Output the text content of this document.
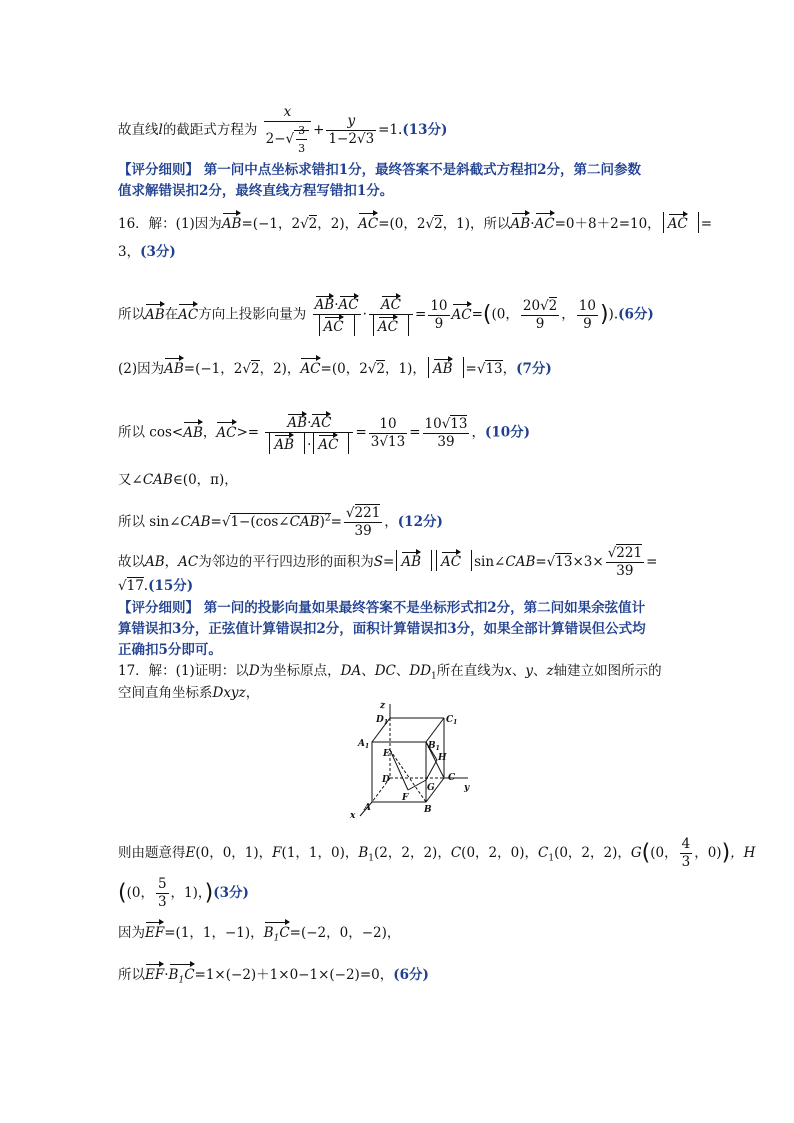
故直线l的截距式方程为 $\frac{x}{2-√ \frac{3}{3}} + \frac{y}{1-2√3} =1.(13$分)
【评分细则】 第一问中点坐标求错扣1分，最终答案不是斜截式方程扣2分，第二问参数
值求解错误扣2分，最终直线方程写错扣1分。
16．解：(1)因为AB=(−1，2√2，2)，AC=(0，2√2，1)，所以AB·AC=0＋8＋2=10， AC =
3，(3分)
所以AB在AC方向上投影向量为 $\frac{AB\cdot AC}{AC} \cdot \frac{AC}{AC} = \frac{10}{9} AC=((0$， $\frac{20√2}{9}$ ， $\frac{10}{9} )).(6$分)
(2)因为AB=(−1，2√2，2)，AC=(0，2√2，1)， AB =√13，(7分)
所以 cos<AB，$AC>= \frac{AB\cdot AC}{AB \cdot AC} = \frac{10}{3√13} = \frac{10√13}{39}$ ，(10分)
又∠CAB∈(0，π)，
所以 sin∠CAB=√1−(cos∠CAB)$^2$= $\frac{√221}{39}$ ，(12分)
故以AB，AC为邻边的平行四边形的面积为S= AB AC sin∠CAB=√13×3× $\frac{√221}{39}$ =
√17.(15分)
【评分细则】 第一问的投影向量如果最终答案不是坐标形式扣2分，第二问如果余弦值计
算错误扣3分，正弦值计算错误扣2分，面积计算错误扣3分，如果全部计算错误但公式均
正确扣5分即可。
17．解：(1)证明：以D为坐标原点，DA、DC、$DD_1$所在直线为x、y、z轴建立如图所示的
空间直角坐标系Dxyz，
z
y
x
$D_1$	$C_1$
$A_1$	$B_1$
E	H
D	C
G
F
A	B
则由题意得E(0，0，1)，F(1，1，0)，$B_1(2$，2，2)，C(0，2，0)，$C_1(0$，2，2)，G((0， $\frac{4}{3}$ ，0))，H
((0， $\frac{5}{3}$ ，1)，)(3分)
因为EF=(1，1，−1)，$B_1C=(-2$，0，−2)，
所以$EF\cdot B_1C=1\times(-2)+1\times 0-1\times(-2)=0$，(6分)
